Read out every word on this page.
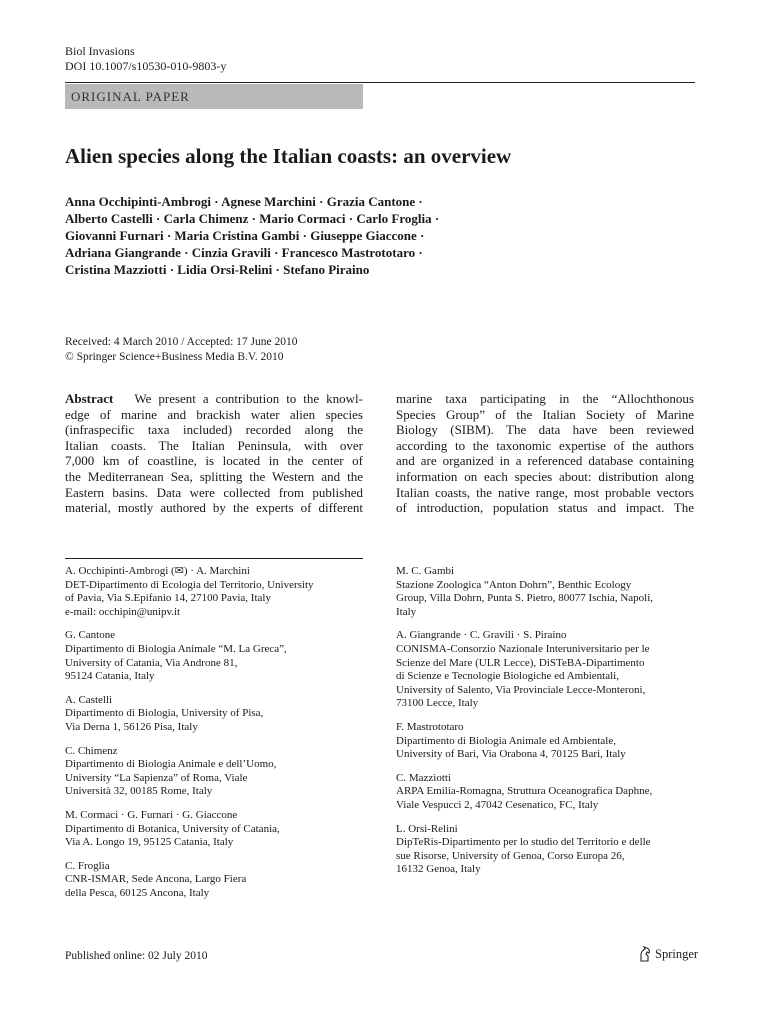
Biol Invasions
DOI 10.1007/s10530-010-9803-y
ORIGINAL PAPER
Alien species along the Italian coasts: an overview
Anna Occhipinti-Ambrogi · Agnese Marchini · Grazia Cantone ·
Alberto Castelli · Carla Chimenz · Mario Cormaci · Carlo Froglia ·
Giovanni Furnari · Maria Cristina Gambi · Giuseppe Giaccone ·
Adriana Giangrande · Cinzia Gravili · Francesco Mastrototaro ·
Cristina Mazziotti · Lidia Orsi-Relini · Stefano Piraino
Received: 4 March 2010 / Accepted: 17 June 2010
© Springer Science+Business Media B.V. 2010
Abstract We present a contribution to the knowl-
edge of marine and brackish water alien species
(infraspecific taxa included) recorded along the
Italian coasts. The Italian Peninsula, with over
7,000 km of coastline, is located in the center of
the Mediterranean Sea, splitting the Western and the
Eastern basins. Data were collected from published
material, mostly authored by the experts of different
marine taxa participating in the “Allochthonous
Species Group” of the Italian Society of Marine
Biology (SIBM). The data have been reviewed
according to the taxonomic expertise of the authors
and are organized in a referenced database containing
information on each species about: distribution along
Italian coasts, the native range, most probable vectors
of introduction, population status and impact. The
A. Occhipinti-Ambrogi (✉) · A. Marchini
DET-Dipartimento di Ecologia del Territorio, University
of Pavia, Via S.Epifanio 14, 27100 Pavia, Italy
e-mail: occhipin@unipv.it
G. Cantone
Dipartimento di Biologia Animale “M. La Greca”,
University of Catania, Via Androne 81,
95124 Catania, Italy
A. Castelli
Dipartimento di Biologia, University of Pisa,
Via Derna 1, 56126 Pisa, Italy
C. Chimenz
Dipartimento di Biologia Animale e dell’Uomo,
University “La Sapienza” of Roma, Viale
Università 32, 00185 Rome, Italy
M. Cormaci · G. Furnari · G. Giaccone
Dipartimento di Botanica, University of Catania,
Via A. Longo 19, 95125 Catania, Italy
C. Froglia
CNR-ISMAR, Sede Ancona, Largo Fiera
della Pesca, 60125 Ancona, Italy
M. C. Gambi
Stazione Zoologica “Anton Dohrn”, Benthic Ecology
Group, Villa Dohrn, Punta S. Pietro, 80077 Ischia, Napoli,
Italy
A. Giangrande · C. Gravili · S. Piraino
CONISMA-Consorzio Nazionale Interuniversitario per le
Scienze del Mare (ULR Lecce), DiSTeBA-Dipartimento
di Scienze e Tecnologie Biologiche ed Ambientali,
University of Salento, Via Provinciale Lecce-Monteroni,
73100 Lecce, Italy
F. Mastrototaro
Dipartimento di Biologia Animale ed Ambientale,
University of Bari, Via Orabona 4, 70125 Bari, Italy
C. Mazziotti
ARPA Emilia-Romagna, Struttura Oceanografica Daphne,
Viale Vespucci 2, 47042 Cesenatico, FC, Italy
L. Orsi-Relini
DipTeRis-Dipartimento per lo studio del Territorio e delle
sue Risorse, University of Genoa, Corso Europa 26,
16132 Genoa, Italy
Published online: 02 July 2010	Springer
